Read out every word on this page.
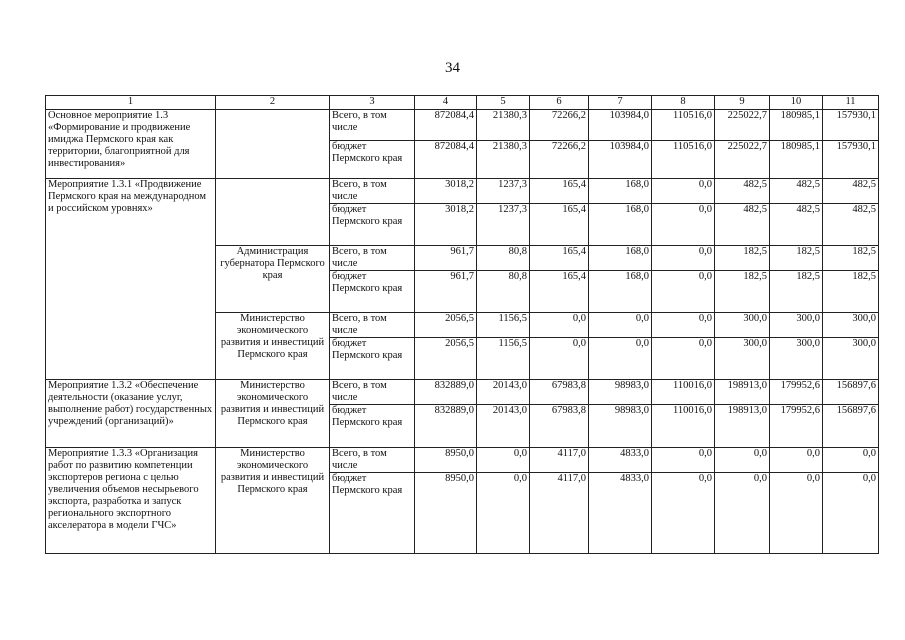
34
1	2	3	4	5	6	7	8	9	10	11
Основное мероприятие 1.3 «Формирование и продвижение имиджа Пермского края как территории, благоприятной для инвестирования»		Всего, в том числе	872084,4	21380,3	72266,2	103984,0	110516,0	225022,7	180985,1	157930,1
		бюджет Пермского края	872084,4	21380,3	72266,2	103984,0	110516,0	225022,7	180985,1	157930,1
Мероприятие 1.3.1 «Продвижение Пермского края на международном и российском уровнях»		Всего, в том числе	3018,2	1237,3	165,4	168,0	0,0	482,5	482,5	482,5
		бюджет Пермского края	3018,2	1237,3	165,4	168,0	0,0	482,5	482,5	482,5
	Администрация губернатора Пермского края	Всего, в том числе	961,7	80,8	165,4	168,0	0,0	182,5	182,5	182,5
		бюджет Пермского края	961,7	80,8	165,4	168,0	0,0	182,5	182,5	182,5
	Министерство экономического развития и инвестиций Пермского края	Всего, в том числе	2056,5	1156,5	0,0	0,0	0,0	300,0	300,0	300,0
		бюджет Пермского края	2056,5	1156,5	0,0	0,0	0,0	300,0	300,0	300,0
Мероприятие 1.3.2 «Обеспечение деятельности (оказание услуг, выполнение работ) государственных учреждений (организаций)»	Министерство экономического развития и инвестиций Пермского края	Всего, в том числе	832889,0	20143,0	67983,8	98983,0	110016,0	198913,0	179952,6	156897,6
		бюджет Пермского края	832889,0	20143,0	67983,8	98983,0	110016,0	198913,0	179952,6	156897,6
Мероприятие 1.3.3 «Организация работ по развитию компетенции экспортеров региона с целью увеличения объемов несырьевого экспорта, разработка и запуск регионального экспортного акселератора в модели ГЧС»	Министерство экономического развития и инвестиций Пермского края	Всего, в том числе	8950,0	0,0	4117,0	4833,0	0,0	0,0	0,0	0,0
		бюджет Пермского края	8950,0	0,0	4117,0	4833,0	0,0	0,0	0,0	0,0
